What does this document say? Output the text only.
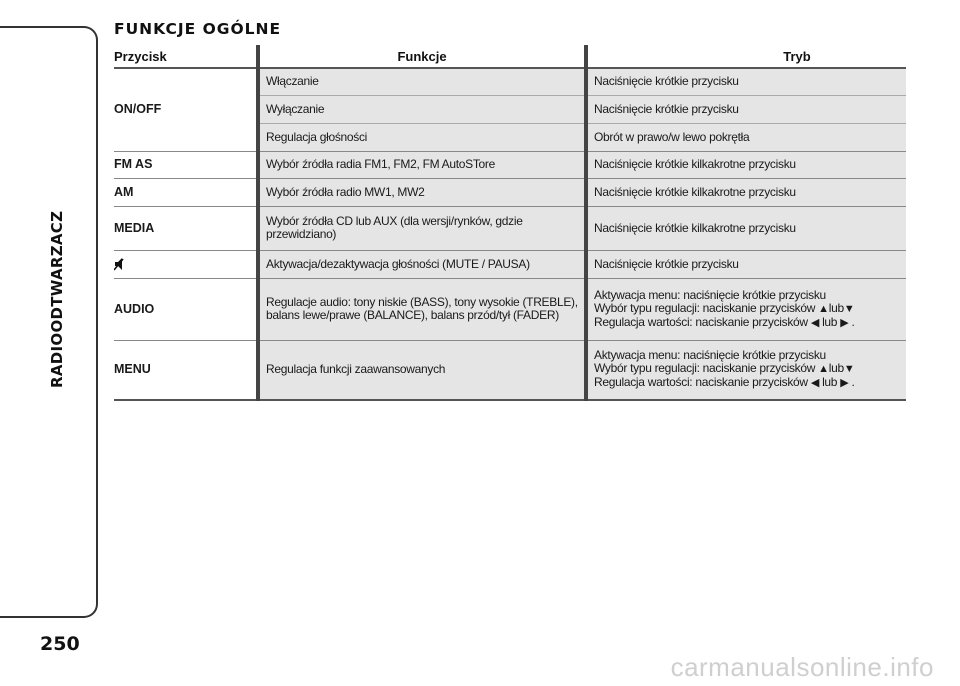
RADIOODTWARZACZ
250
FUNKCJE OGÓLNE
Przycisk	Funkcje	Tryb
ON/OFF	Włączanie	Naciśnięcie krótkie przycisku
	Wyłączanie	Naciśnięcie krótkie przycisku
	Regulacja głośności	Obrót w prawo/w lewo pokrętła
FM AS	Wybór źródła radia FM1, FM2, FM AutoSTore	Naciśnięcie krótkie kilkakrotne przycisku
AM	Wybór źródła radio MW1, MW2	Naciśnięcie krótkie kilkakrotne przycisku
MEDIA	Wybór źródła CD lub AUX (dla wersji/rynków, gdzie przewidziano)	Naciśnięcie krótkie kilkakrotne przycisku
	Aktywacja/dezaktywacja głośności (MUTE / PAUSA)	Naciśnięcie krótkie przycisku
AUDIO	Regulacje audio: tony niskie (BASS), tony wysokie (TREBLE), balans lewe/prawe (BALANCE), balans przód/tył (FADER)	Aktywacja menu: naciśnięcie krótkie przycisku
Wybór typu regulacji: naciskanie przycisków ▲lub▼
Regulacja wartości: naciskanie przycisków ◀ lub ▶ .

MENU	Regulacja funkcji zaawansowanych	Aktywacja menu: naciśnięcie krótkie przycisku
Wybór typu regulacji: naciskanie przycisków ▲lub▼
Regulacja wartości: naciskanie przycisków ◀ lub ▶ .
carmanualsonline.info
